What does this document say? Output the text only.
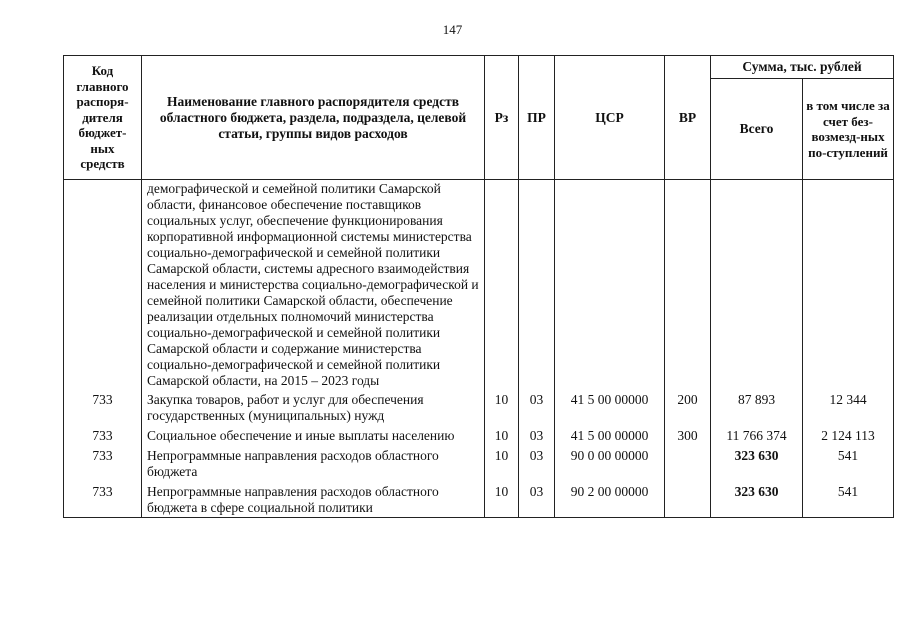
147
Код главного распоря-дителя бюджет-ных средств	Наименование главного распорядителя средств областного бюджета, раздела, подраздела, целевой статьи, группы видов расходов	Рз	ПР	ЦСР	ВР	Сумма, тыс. рублей	
						Всего	в том числе за счет без-возмезд-ных по-ступлений
	демографической и семейной политики Самарской области, финансовое обеспечение поставщиков социальных услуг, обеспечение функционирования корпоративной информационной системы министерства социально-демографической и семейной политики Самарской области, системы адресного взаимодействия населения и министерства социально-демографической и семейной политики Самарской области, обеспечение реализации отдельных полномочий министерства социально-демографической и семейной политики Самарской области и содержание министерства социально-демографической и семейной политики Самарской области, на 2015 – 2023 годы						
733	Закупка товаров, работ и услуг для обеспечения государственных (муниципальных) нужд	10	03	41 5 00 00000	200	87 893	12 344
733	Социальное обеспечение и иные выплаты населению	10	03	41 5 00 00000	300	11 766 374	2 124 113
733	Непрограммные направления расходов областного бюджета	10	03	90 0 00 00000		323 630	541
733	Непрограммные направления расходов областного бюджета в сфере социальной политики	10	03	90 2 00 00000		323 630	541
